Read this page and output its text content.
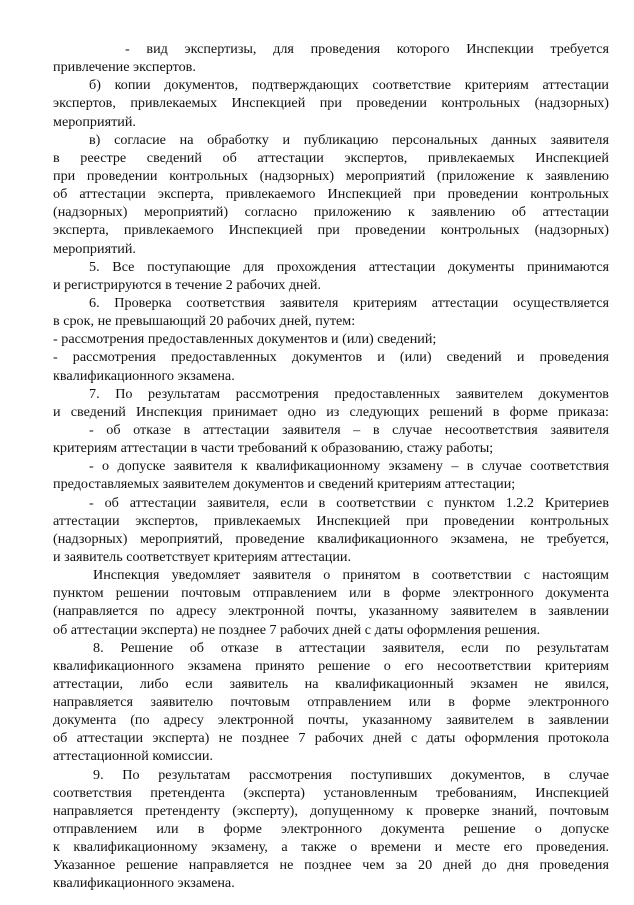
- вид экспертизы, для проведения которого Инспекции требуется
привлечение экспертов.
б) копии документов, подтверждающих соответствие критериям аттестации
экспертов, привлекаемых Инспекцией при проведении контрольных (надзорных)
мероприятий.
в) согласие на обработку и публикацию персональных данных заявителя
в реестре сведений об аттестации экспертов, привлекаемых Инспекцией
при проведении контрольных (надзорных) мероприятий (приложение к заявлению
об аттестации эксперта, привлекаемого Инспекцией при проведении контрольных
(надзорных) мероприятий) согласно приложению к заявлению об аттестации
эксперта, привлекаемого Инспекцией при проведении контрольных (надзорных)
мероприятий.
5. Все поступающие для прохождения аттестации документы принимаются
и регистрируются в течение 2 рабочих дней.
6. Проверка соответствия заявителя критериям аттестации осуществляется
в срок, не превышающий 20 рабочих дней, путем:
- рассмотрения предоставленных документов и (или) сведений;
- рассмотрения предоставленных документов и (или) сведений и проведения
квалификационного экзамена.
7. По результатам рассмотрения предоставленных заявителем документов
и сведений Инспекция принимает одно из следующих решений в форме приказа:
- об отказе в аттестации заявителя – в случае несоответствия заявителя
критериям аттестации в части требований к образованию, стажу работы;
- о допуске заявителя к квалификационному экзамену – в случае соответствия
предоставляемых заявителем документов и сведений критериям аттестации;
- об аттестации заявителя, если в соответствии с пунктом 1.2.2 Критериев
аттестации экспертов, привлекаемых Инспекцией при проведении контрольных
(надзорных) мероприятий, проведение квалификационного экзамена, не требуется,
и заявитель соответствует критериям аттестации.
Инспекция уведомляет заявителя о принятом в соответствии с настоящим
пунктом решении почтовым отправлением или в форме электронного документа
(направляется по адресу электронной почты, указанному заявителем в заявлении
об аттестации эксперта) не позднее 7 рабочих дней с даты оформления решения.
8. Решение об отказе в аттестации заявителя, если по результатам
квалификационного экзамена принято решение о его несоответствии критериям
аттестации, либо если заявитель на квалификационный экзамен не явился,
направляется заявителю почтовым отправлением или в форме электронного
документа (по адресу электронной почты, указанному заявителем в заявлении
об аттестации эксперта) не позднее 7 рабочих дней с даты оформления протокола
аттестационной комиссии.
9. По результатам рассмотрения поступивших документов, в случае
соответствия претендента (эксперта) установленным требованиям, Инспекцией
направляется претенденту (эксперту), допущенному к проверке знаний, почтовым
отправлением или в форме электронного документа решение о допуске
к квалификационному экзамену, а также о времени и месте его проведения.
Указанное решение направляется не позднее чем за 20 дней до дня проведения
квалификационного экзамена.
